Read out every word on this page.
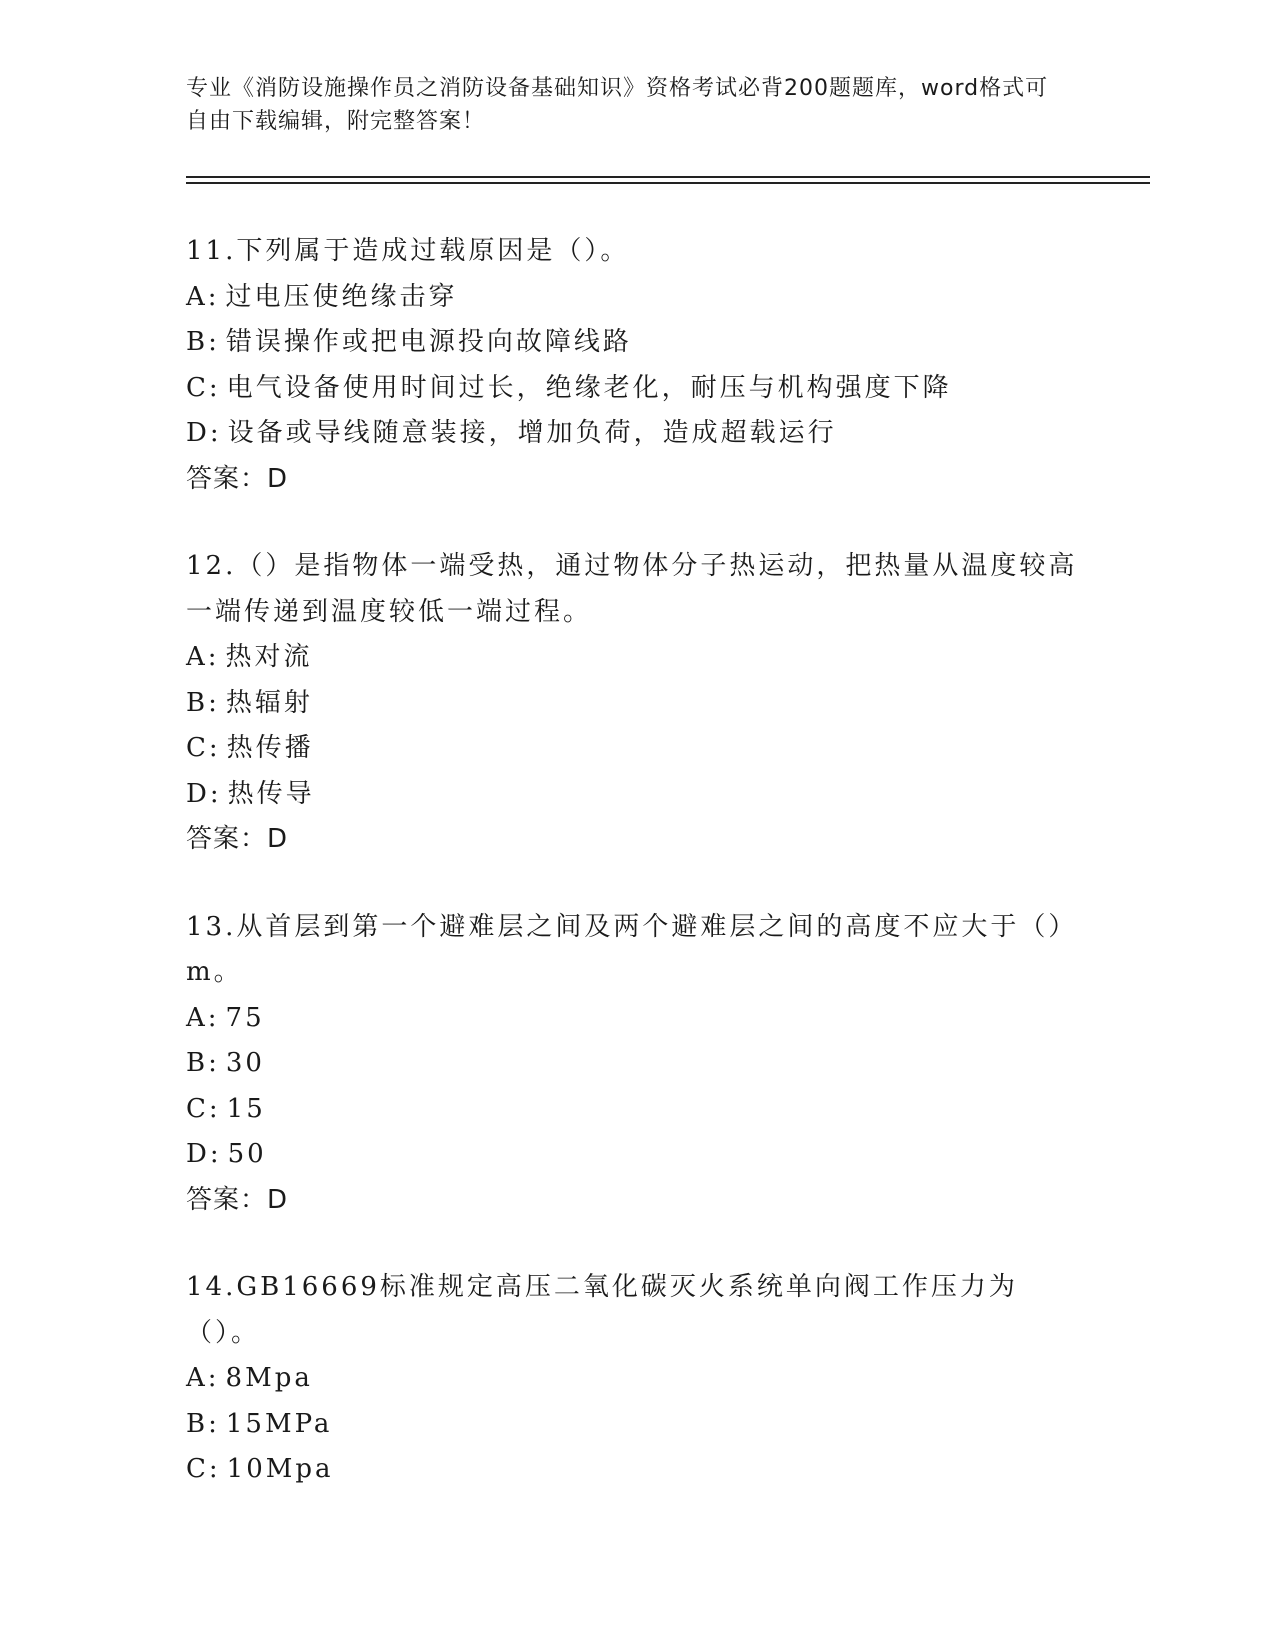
专业《消防设施操作员之消防设备基础知识》资格考试必背200题题库，word格式可自由下载编辑，附完整答案！
11.下列属于造成过载原因是（）。
A: 过电压使绝缘击穿
B: 错误操作或把电源投向故障线路
C: 电气设备使用时间过长，绝缘老化，耐压与机构强度下降
D: 设备或导线随意装接，增加负荷，造成超载运行
答案：D
12.（）是指物体一端受热，通过物体分子热运动，把热量从温度较高一端传递到温度较低一端过程。
A: 热对流
B: 热辐射
C: 热传播
D: 热传导
答案：D
13.从首层到第一个避难层之间及两个避难层之间的高度不应大于（）m。
A: 75
B: 30
C: 15
D: 50
答案：D
14.GB16669标准规定高压二氧化碳灭火系统单向阀工作压力为（）。
A: 8Mpa
B: 15MPa
C: 10Mpa
